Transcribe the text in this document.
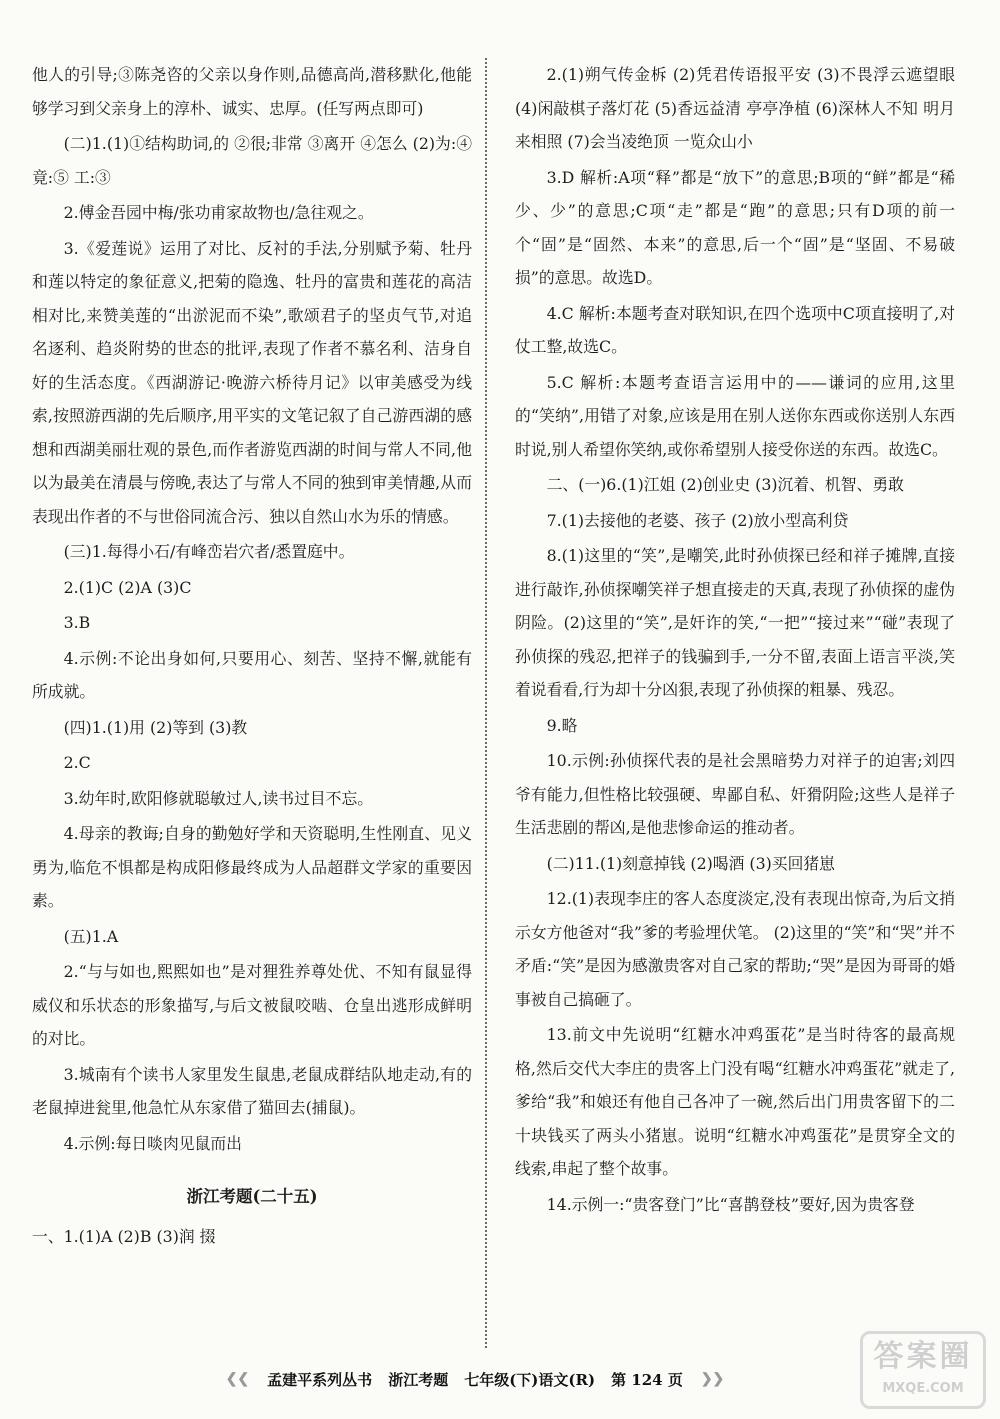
他人的引导;③陈尧咨的父亲以身作则,品德高尚,潜移默化,他能够学习到父亲身上的淳朴、诚实、忠厚。(任写两点即可)

(二)1.(1)①结构助词,的 ②很;非常 ③离开 ④怎么 (2)为:④ 竟:⑤ 工:③

2.傅金吾园中梅/张功甫家故物也/急往观之。

3.《爱莲说》运用了对比、反衬的手法,分别赋予菊、牡丹和莲以特定的象征意义,把菊的隐逸、牡丹的富贵和莲花的高洁相对比,来赞美莲的“出淤泥而不染”,歌颂君子的坚贞气节,对追名逐利、趋炎附势的世态的批评,表现了作者不慕名利、洁身自好的生活态度。《西湖游记·晚游六桥待月记》以审美感受为线索,按照游西湖的先后顺序,用平实的文笔记叙了自己游西湖的感想和西湖美丽壮观的景色,而作者游览西湖的时间与常人不同,他以为最美在清晨与傍晚,表达了与常人不同的独到审美情趣,从而表现出作者的不与世俗同流合污、独以自然山水为乐的情感。

(三)1.每得小石/有峰峦岩穴者/悉置庭中。

2.(1)C (2)A (3)C

3.B

4.示例:不论出身如何,只要用心、刻苦、坚持不懈,就能有所成就。

(四)1.(1)用 (2)等到 (3)教

2.C

3.幼年时,欧阳修就聪敏过人,读书过目不忘。

4.母亲的教诲;自身的勤勉好学和天资聪明,生性刚直、见义勇为,临危不惧都是构成阳修最终成为人品超群文学家的重要因素。

(五)1.A

2.“与与如也,熙熙如也”是对狸狌养尊处优、不知有鼠显得威仪和乐状态的形象描写,与后文被鼠咬啮、仓皇出逃形成鲜明的对比。

3.城南有个读书人家里发生鼠患,老鼠成群结队地走动,有的老鼠掉进瓮里,他急忙从东家借了猫回去(捕鼠)。

4.示例:每日啖肉见鼠而出

浙江考题(二十五)

一、1.(1)A (2)B (3)润 掇

2.(1)朔气传金柝 (2)凭君传语报平安 (3)不畏浮云遮望眼 (4)闲敲棋子落灯花 (5)香远益清 亭亭净植 (6)深林人不知 明月来相照 (7)会当凌绝顶 一览众山小

3.D 解析:A项“释”都是“放下”的意思;B项的“鲜”都是“稀少、少”的意思;C项“走”都是“跑”的意思;只有D项的前一个“固”是“固然、本来”的意思,后一个“固”是“坚固、不易破损”的意思。故选D。

4.C 解析:本题考查对联知识,在四个选项中C项直接明了,对仗工整,故选C。

5.C 解析:本题考查语言运用中的——谦词的应用,这里的“笑纳”,用错了对象,应该是用在别人送你东西或你送别人东西时说,别人希望你笑纳,或你希望别人接受你送的东西。故选C。

二、(一)6.(1)江姐 (2)创业史 (3)沉着、机智、勇敢

7.(1)去接他的老婆、孩子 (2)放小型高利贷

8.(1)这里的“笑”,是嘲笑,此时孙侦探已经和祥子摊牌,直接进行敲诈,孙侦探嘲笑祥子想直接走的天真,表现了孙侦探的虚伪阴险。(2)这里的“笑”,是奸诈的笑,“一把”“接过来”“碰”表现了孙侦探的残忍,把祥子的钱骗到手,一分不留,表面上语言平淡,笑着说看看,行为却十分凶狠,表现了孙侦探的粗暴、残忍。

9.略

10.示例:孙侦探代表的是社会黑暗势力对祥子的迫害;刘四爷有能力,但性格比较强硬、卑鄙自私、奸猾阴险;这些人是祥子生活悲剧的帮凶,是他悲惨命运的推动者。

(二)11.(1)刻意掉钱 (2)喝酒 (3)买回猪崽

12.(1)表现李庄的客人态度淡定,没有表现出惊奇,为后文捎示女方他爸对“我”爹的考验埋伏笔。 (2)这里的“笑”和“哭”并不矛盾:“笑”是因为感激贵客对自己家的帮助;“哭”是因为哥哥的婚事被自己搞砸了。

13.前文中先说明“红糖水冲鸡蛋花”是当时待客的最高规格,然后交代大李庄的贵客上门没有喝“红糖水冲鸡蛋花”就走了,爹给“我”和娘还有他自己各冲了一碗,然后出门用贵客留下的二十块钱买了两头小猪崽。说明“红糖水冲鸡蛋花”是贯穿全文的线索,串起了整个故事。

14.示例一:“贵客登门”比“喜鹊登枝”要好,因为贵客登

❮❮ 孟建平系列丛书 浙江考题 七年级(下)语文(R) 第 124 页 ❯❯
答案圈
MXQE.COM
